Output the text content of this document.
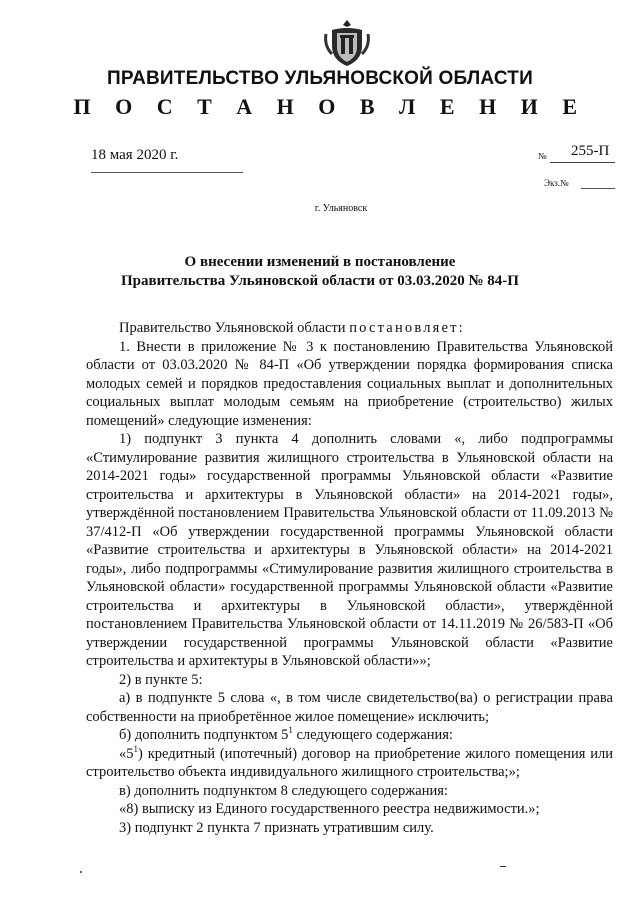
ПРАВИТЕЛЬСТВО УЛЬЯНОВСКОЙ ОБЛАСТИ
П О С Т А Н О В Л Е Н И Е
18 мая 2020 г.	№ 255-П
Экз.№
г. Ульяновск
О внесении изменений в постановление
Правительства Ульяновской области от 03.03.2020 № 84-П

Правительство Ульяновской области постановляет:

1. Внести в приложение № 3 к постановлению Правительства Ульяновской области от 03.03.2020 № 84-П «Об утверждении порядка формирования списка молодых семей и порядков предоставления социальных выплат и дополнительных социальных выплат молодым семьям на приобретение (строительство) жилых помещений» следующие изменения:

1) подпункт 3 пункта 4 дополнить словами «, либо подпрограммы «Стимулирование развития жилищного строительства в Ульяновской области на 2014-2021 годы» государственной программы Ульяновской области «Развитие строительства и архитектуры в Ульяновской области» на 2014-2021 годы», утверждённой постановлением Правительства Ульяновской области от 11.09.2013 № 37/412-П «Об утверждении государственной программы Ульяновской области «Развитие строительства и архитектуры в Ульяновской области» на 2014-2021 годы», либо подпрограммы «Стимулирование развития жилищного строительства в Ульяновской области» государственной программы Ульяновской области «Развитие строительства и архитектуры в Ульяновской области», утверждённой постановлением Правительства Ульяновской области от 14.11.2019 № 26/583-П «Об утверждении государственной программы Ульяновской области «Развитие строительства и архитектуры в Ульяновской области»»;

2) в пункте 5:

а) в подпункте 5 слова «, в том числе свидетельство(ва) о регистрации права собственности на приобретённое жилое помещение» исключить;

б) дополнить подпунктом $5^1$ следующего содержания:

«$5^1$) кредитный (ипотечный) договор на приобретение жилого помещения или строительство объекта индивидуального жилищного строительства;»;

в) дополнить подпунктом 8 следующего содержания:

«8) выписку из Единого государственного реестра недвижимости.»;

3) подпункт 2 пункта 7 признать утратившим силу.
